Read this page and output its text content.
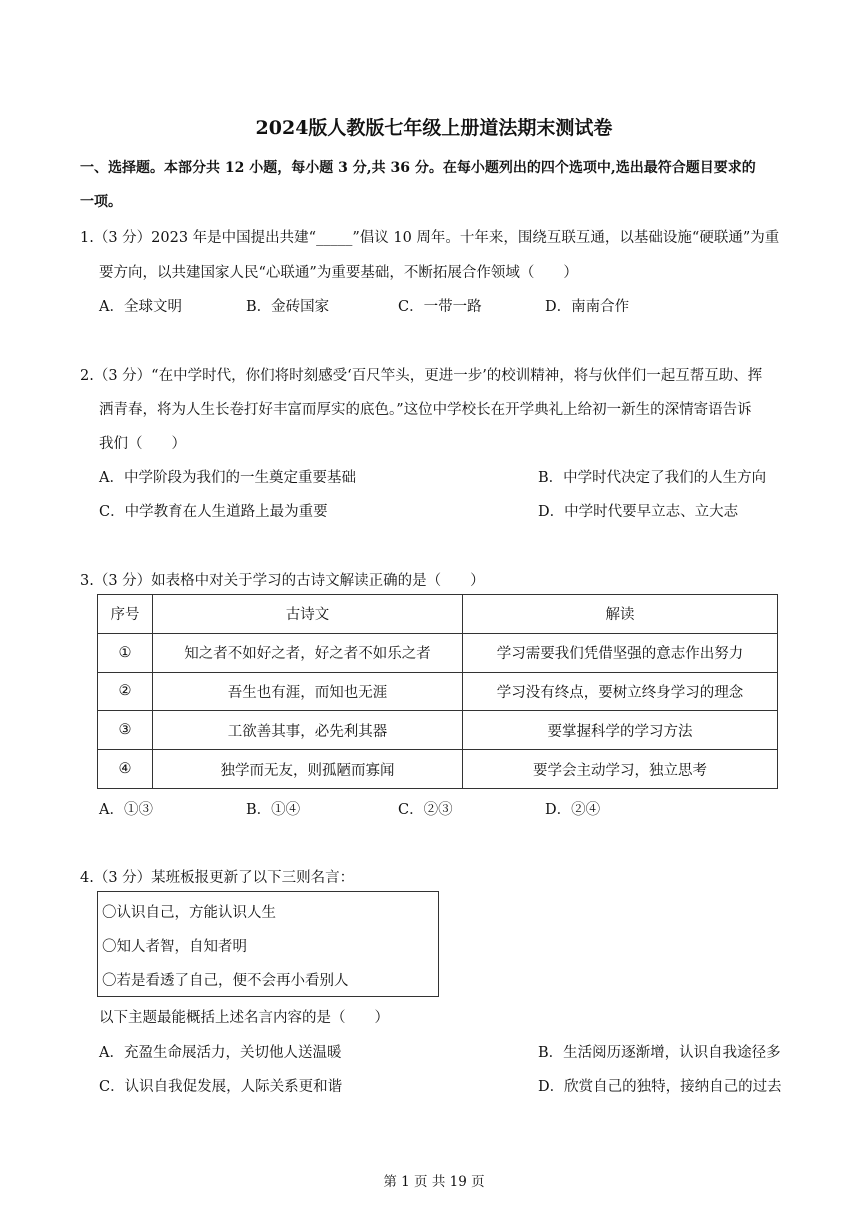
2024版人教版七年级上册道法期末测试卷
一、选择题。本部分共 12 小题，每小题 3 分,共 36 分。在每小题列出的四个选项中,选出最符合题目要求的
一项。
1.（3 分）2023 年是中国提出共建“_____”倡议 10 周年。十年来，围绕互联互通，以基础设施“硬联通”为重
要方向，以共建国家人民“心联通”为重要基础，不断拓展合作领域（　　）
A．全球文明	B．金砖国家	C．一带一路	D．南南合作
2.（3 分）“在中学时代，你们将时刻感受‘百尺竿头，更进一步’的校训精神，将与伙伴们一起互帮互助、挥
洒青春，将为人生长卷打好丰富而厚实的底色。”这位中学校长在开学典礼上给初一新生的深情寄语告诉
我们（　　）
A．中学阶段为我们的一生奠定重要基础	B．中学时代决定了我们的人生方向
C．中学教育在人生道路上最为重要	D．中学时代要早立志、立大志
3.（3 分）如表格中对关于学习的古诗文解读正确的是（　　）
序号	古诗文	解读
①	知之者不如好之者，好之者不如乐之者	学习需要我们凭借坚强的意志作出努力
②	吾生也有涯，而知也无涯	学习没有终点，要树立终身学习的理念
③	工欲善其事，必先利其器	要掌握科学的学习方法
④	独学而无友，则孤陋而寡闻	要学会主动学习，独立思考
A．①③	B．①④	C．②③	D．②④
4.（3 分）某班板报更新了以下三则名言：
〇认识自己，方能认识人生
〇知人者智，自知者明
〇若是看透了自己，便不会再小看别人
以下主题最能概括上述名言内容的是（　　）
A．充盈生命展活力，关切他人送温暖	B．生活阅历逐渐增，认识自我途径多
C．认识自我促发展，人际关系更和谐	D．欣赏自己的独特，接纳自己的过去
第 1 页 共 19 页
